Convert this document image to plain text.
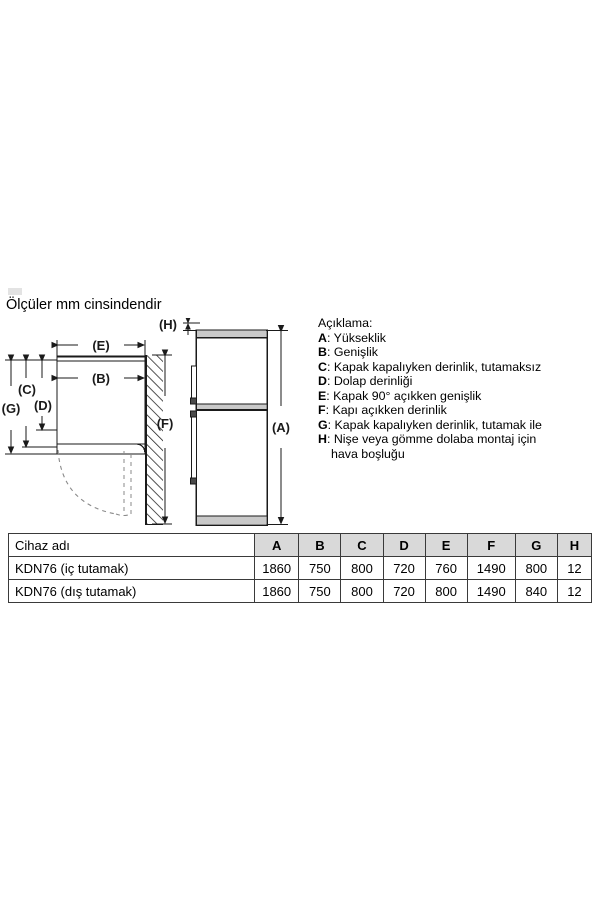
Ölçüler mm cinsindendir
(E)
(B)
(G)
(C)
(D)
(F)	(A)
(H)	Açıklama:
A: Yükseklik
B: Genişlik
C: Kapak kapalıyken derinlik, tutamaksız
D: Dolap derinliği
E: Kapak 90° açıkken genişlik
F: Kapı açıkken derinlik
G: Kapak kapalıyken derinlik, tutamak ile
H: Nişe veya gömme dolaba montaj için
hava boşluğu
Cihaz adı	A	B	C	D	E	F	G	H
KDN76 (iç tutamak)	1860	750	800	720	760	1490	800	12
KDN76 (dış tutamak)	1860	750	800	720	800	1490	840	12
